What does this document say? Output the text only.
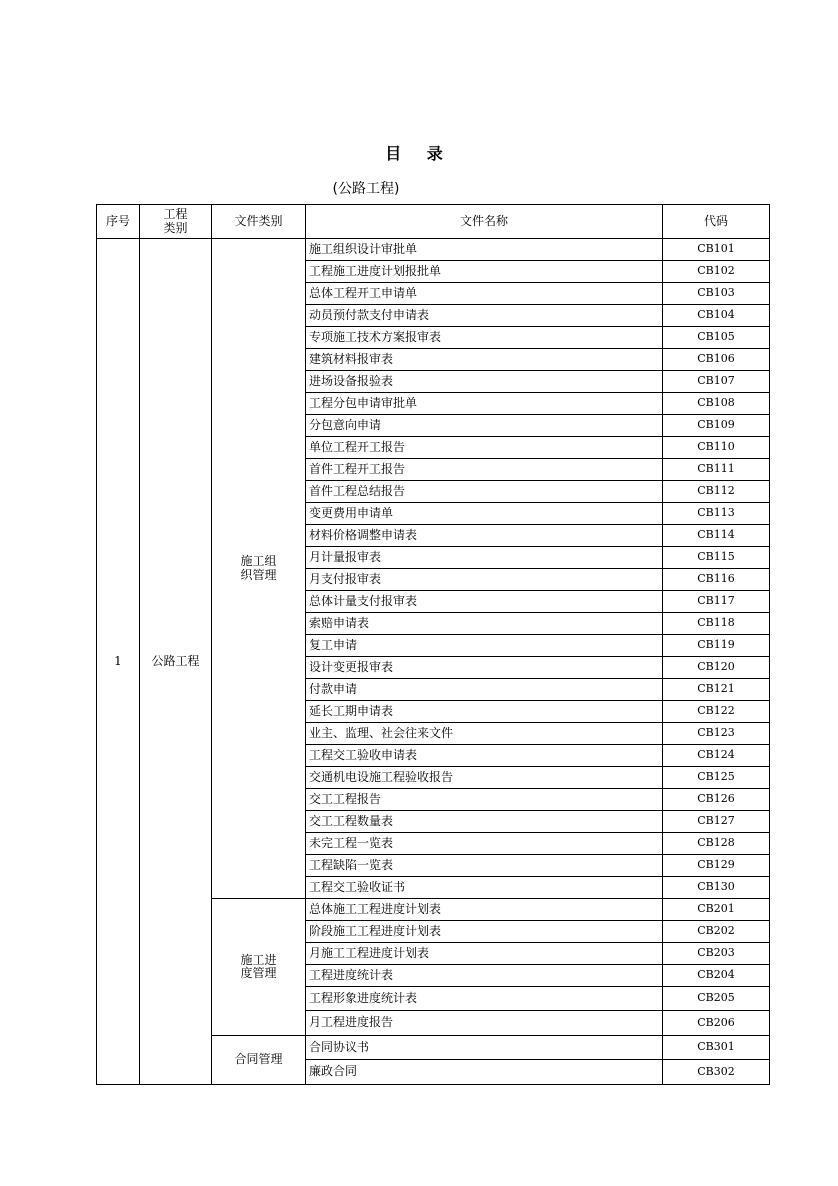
目 录
(公路工程)
序号	工程类别	文件类别	文件名称	代码
1	公路工程	施工组织管理	施工组织设计审批单	CB101
			工程施工进度计划报批单	CB102
			总体工程开工申请单	CB103
			动员预付款支付申请表	CB104
			专项施工技术方案报审表	CB105
			建筑材料报审表	CB106
			进场设备报验表	CB107
			工程分包申请审批单	CB108
			分包意向申请	CB109
			单位工程开工报告	CB110
			首件工程开工报告	CB111
			首件工程总结报告	CB112
			变更费用申请单	CB113
			材料价格调整申请表	CB114
			月计量报审表	CB115
			月支付报审表	CB116
			总体计量支付报审表	CB117
			索赔申请表	CB118
			复工申请	CB119
			设计变更报审表	CB120
			付款申请	CB121
			延长工期申请表	CB122
			业主、监理、社会往来文件	CB123
			工程交工验收申请表	CB124
			交通机电设施工程验收报告	CB125
			交工工程报告	CB126
			交工工程数量表	CB127
			未完工程一览表	CB128
			工程缺陷一览表	CB129
			工程交工验收证书	CB130
		施工进度管理	总体施工工程进度计划表	CB201
			阶段施工工程进度计划表	CB202
			月施工工程进度计划表	CB203
			工程进度统计表	CB204
			工程形象进度统计表	CB205
			月工程进度报告	CB206
		合同管理	合同协议书	CB301
			廉政合同	CB302
